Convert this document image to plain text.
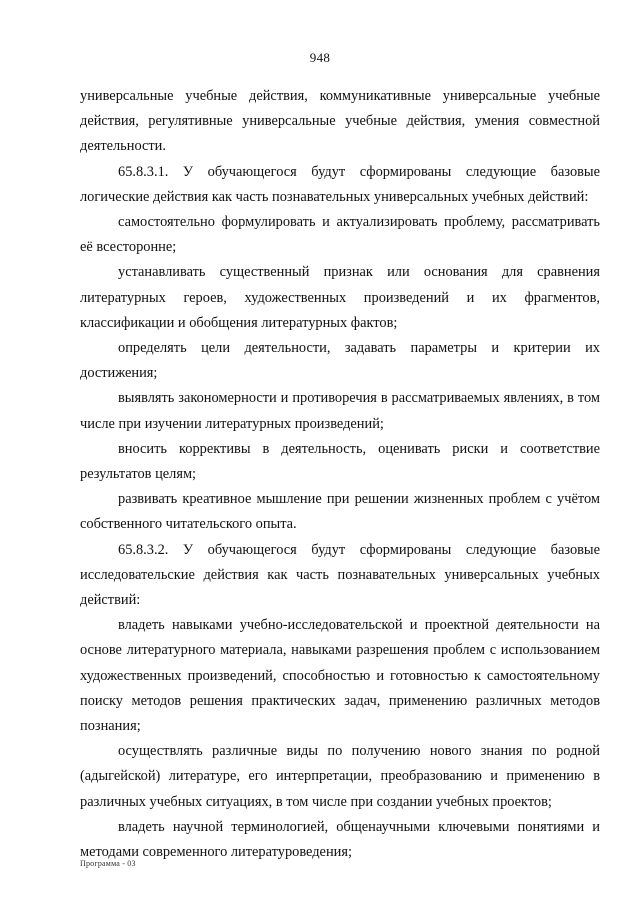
948

универсальные учебные действия, коммуникативные универсальные учебные действия, регулятивные универсальные учебные действия, умения совместной деятельности.

65.8.3.1. У обучающегося будут сформированы следующие базовые логические действия как часть познавательных универсальных учебных действий:

самостоятельно формулировать и актуализировать проблему, рассматривать её всесторонне;

устанавливать существенный признак или основания для сравнения литературных героев, художественных произведений и их фрагментов, классификации и обобщения литературных фактов;

определять цели деятельности, задавать параметры и критерии их достижения;

выявлять закономерности и противоречия в рассматриваемых явлениях, в том числе при изучении литературных произведений;

вносить коррективы в деятельность, оценивать риски и соответствие результатов целям;

развивать креативное мышление при решении жизненных проблем с учётом собственного читательского опыта.

65.8.3.2. У обучающегося будут сформированы следующие базовые исследовательские действия как часть познавательных универсальных учебных действий:

владеть навыками учебно-исследовательской и проектной деятельности на основе литературного материала, навыками разрешения проблем с использованием художественных произведений, способностью и готовностью к самостоятельному поиску методов решения практических задач, применению различных методов познания;

осуществлять различные виды по получению нового знания по родной (адыгейской) литературе, его интерпретации, преобразованию и применению в различных учебных ситуациях, в том числе при создании учебных проектов;

владеть научной терминологией, общенаучными ключевыми понятиями и методами современного литературоведения;

Программа - 03
